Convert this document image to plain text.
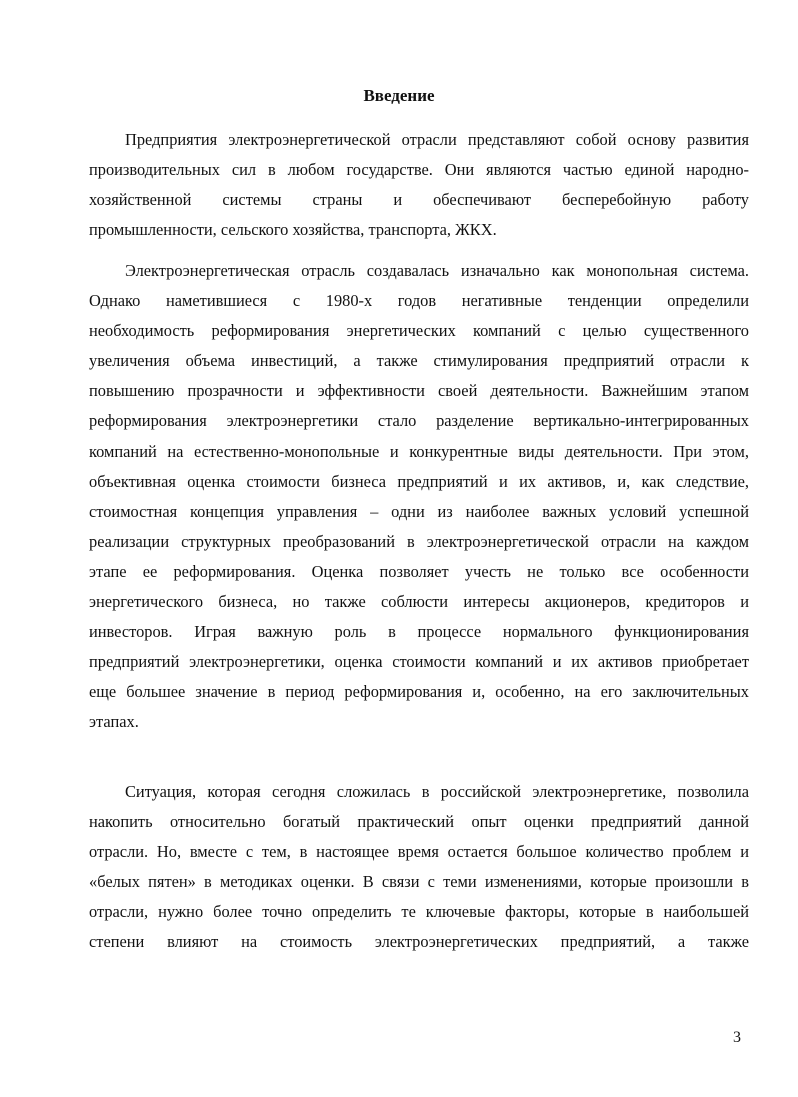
Введение
Предприятия электроэнергетической отрасли представляют собой основу развития
производительных сил в любом государстве. Они являются частью единой народно-
хозяйственной системы страны и обеспечивают бесперебойную работу
промышленности, сельского хозяйства, транспорта, ЖКХ.
Электроэнергетическая отрасль создавалась изначально как монопольная система.
Однако наметившиеся с 1980-х годов негативные тенденции определили
необходимость реформирования энергетических компаний с целью существенного
увеличения объема инвестиций, а также стимулирования предприятий отрасли к
повышению прозрачности и эффективности своей деятельности. Важнейшим этапом
реформирования электроэнергетики стало разделение вертикально-интегрированных
компаний на естественно-монопольные и конкурентные виды деятельности. При этом,
объективная оценка стоимости бизнеса предприятий и их активов, и, как следствие,
стоимостная концепция управления – одни из наиболее важных условий успешной
реализации структурных преобразований в электроэнергетической отрасли на каждом
этапе ее реформирования. Оценка позволяет учесть не только все особенности
энергетического бизнеса, но также соблюсти интересы акционеров, кредиторов и
инвесторов. Играя важную роль в процессе нормального функционирования
предприятий электроэнергетики, оценка стоимости компаний и их активов приобретает
еще большее значение в период реформирования и, особенно, на его заключительных
этапах.
Ситуация, которая сегодня сложилась в российской электроэнергетике, позволила
накопить относительно богатый практический опыт оценки предприятий данной
отрасли. Но, вместе с тем, в настоящее время остается большое количество проблем и
«белых пятен» в методиках оценки. В связи с теми изменениями, которые произошли в
отрасли, нужно более точно определить те ключевые факторы, которые в наибольшей
степени влияют на стоимость электроэнергетических предприятий, а также
3
